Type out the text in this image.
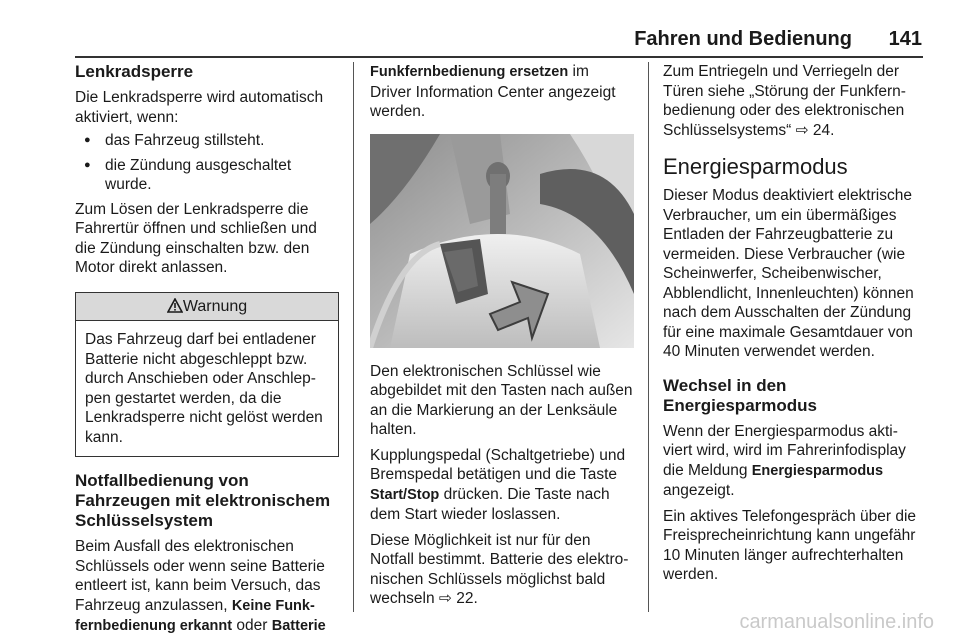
Fahren und Bedienung 141
Lenkradsperre

Die Lenkradsperre wird automatisch aktiviert, wenn:

● das Fahrzeug stillsteht.
● die Zündung ausgeschaltet wurde.

Zum Lösen der Lenkradsperre die Fahrertür öffnen und schließen und die Zündung einschalten bzw. den Motor direkt anlassen.

Warnung
Das Fahrzeug darf bei entladener Batterie nicht abgeschleppt bzw. durch Anschieben oder Anschlep-pen gestartet werden, da die Lenkradsperre nicht gelöst werden kann.
Notfallbedienung von Fahrzeugen mit elektronischem Schlüsselsystem

Beim Ausfall des elektronischen Schlüssels oder wenn seine Batterie entleert ist, kann beim Versuch, das Fahrzeug anzulassen, Keine Funk-fernbedienung erkannt oder Batterie

Funkfernbedienung ersetzen im Driver Information Center angezeigt werden.

Den elektronischen Schlüssel wie abgebildet mit den Tasten nach außen an die Markierung an der Lenksäule halten.

Kupplungspedal (Schaltgetriebe) und Bremspedal betätigen und die Taste Start/Stop drücken. Die Taste nach dem Start wieder loslassen.

Diese Möglichkeit ist nur für den Notfall bestimmt. Batterie des elektro-nischen Schlüssels möglichst bald wechseln ⇨ 22.

Zum Entriegeln und Verriegeln der Türen siehe „Störung der Funkfern-bedienung oder des elektronischen Schlüsselsystems“ ⇨ 24.

Energiesparmodus

Dieser Modus deaktiviert elektrische Verbraucher, um ein übermäßiges Entladen der Fahrzeugbatterie zu vermeiden. Diese Verbraucher (wie Scheinwerfer, Scheibenwischer, Abblendlicht, Innenleuchten) können nach dem Ausschalten der Zündung für eine maximale Gesamtdauer von 40 Minuten verwendet werden.

Wechsel in den Energiesparmodus

Wenn der Energiesparmodus akti-viert wird, wird im Fahrerinfodisplay die Meldung Energiesparmodus angezeigt.

Ein aktives Telefongespräch über die Freisprecheinrichtung kann ungefähr 10 Minuten länger aufrechterhalten werden.

carmanualsonline.info
